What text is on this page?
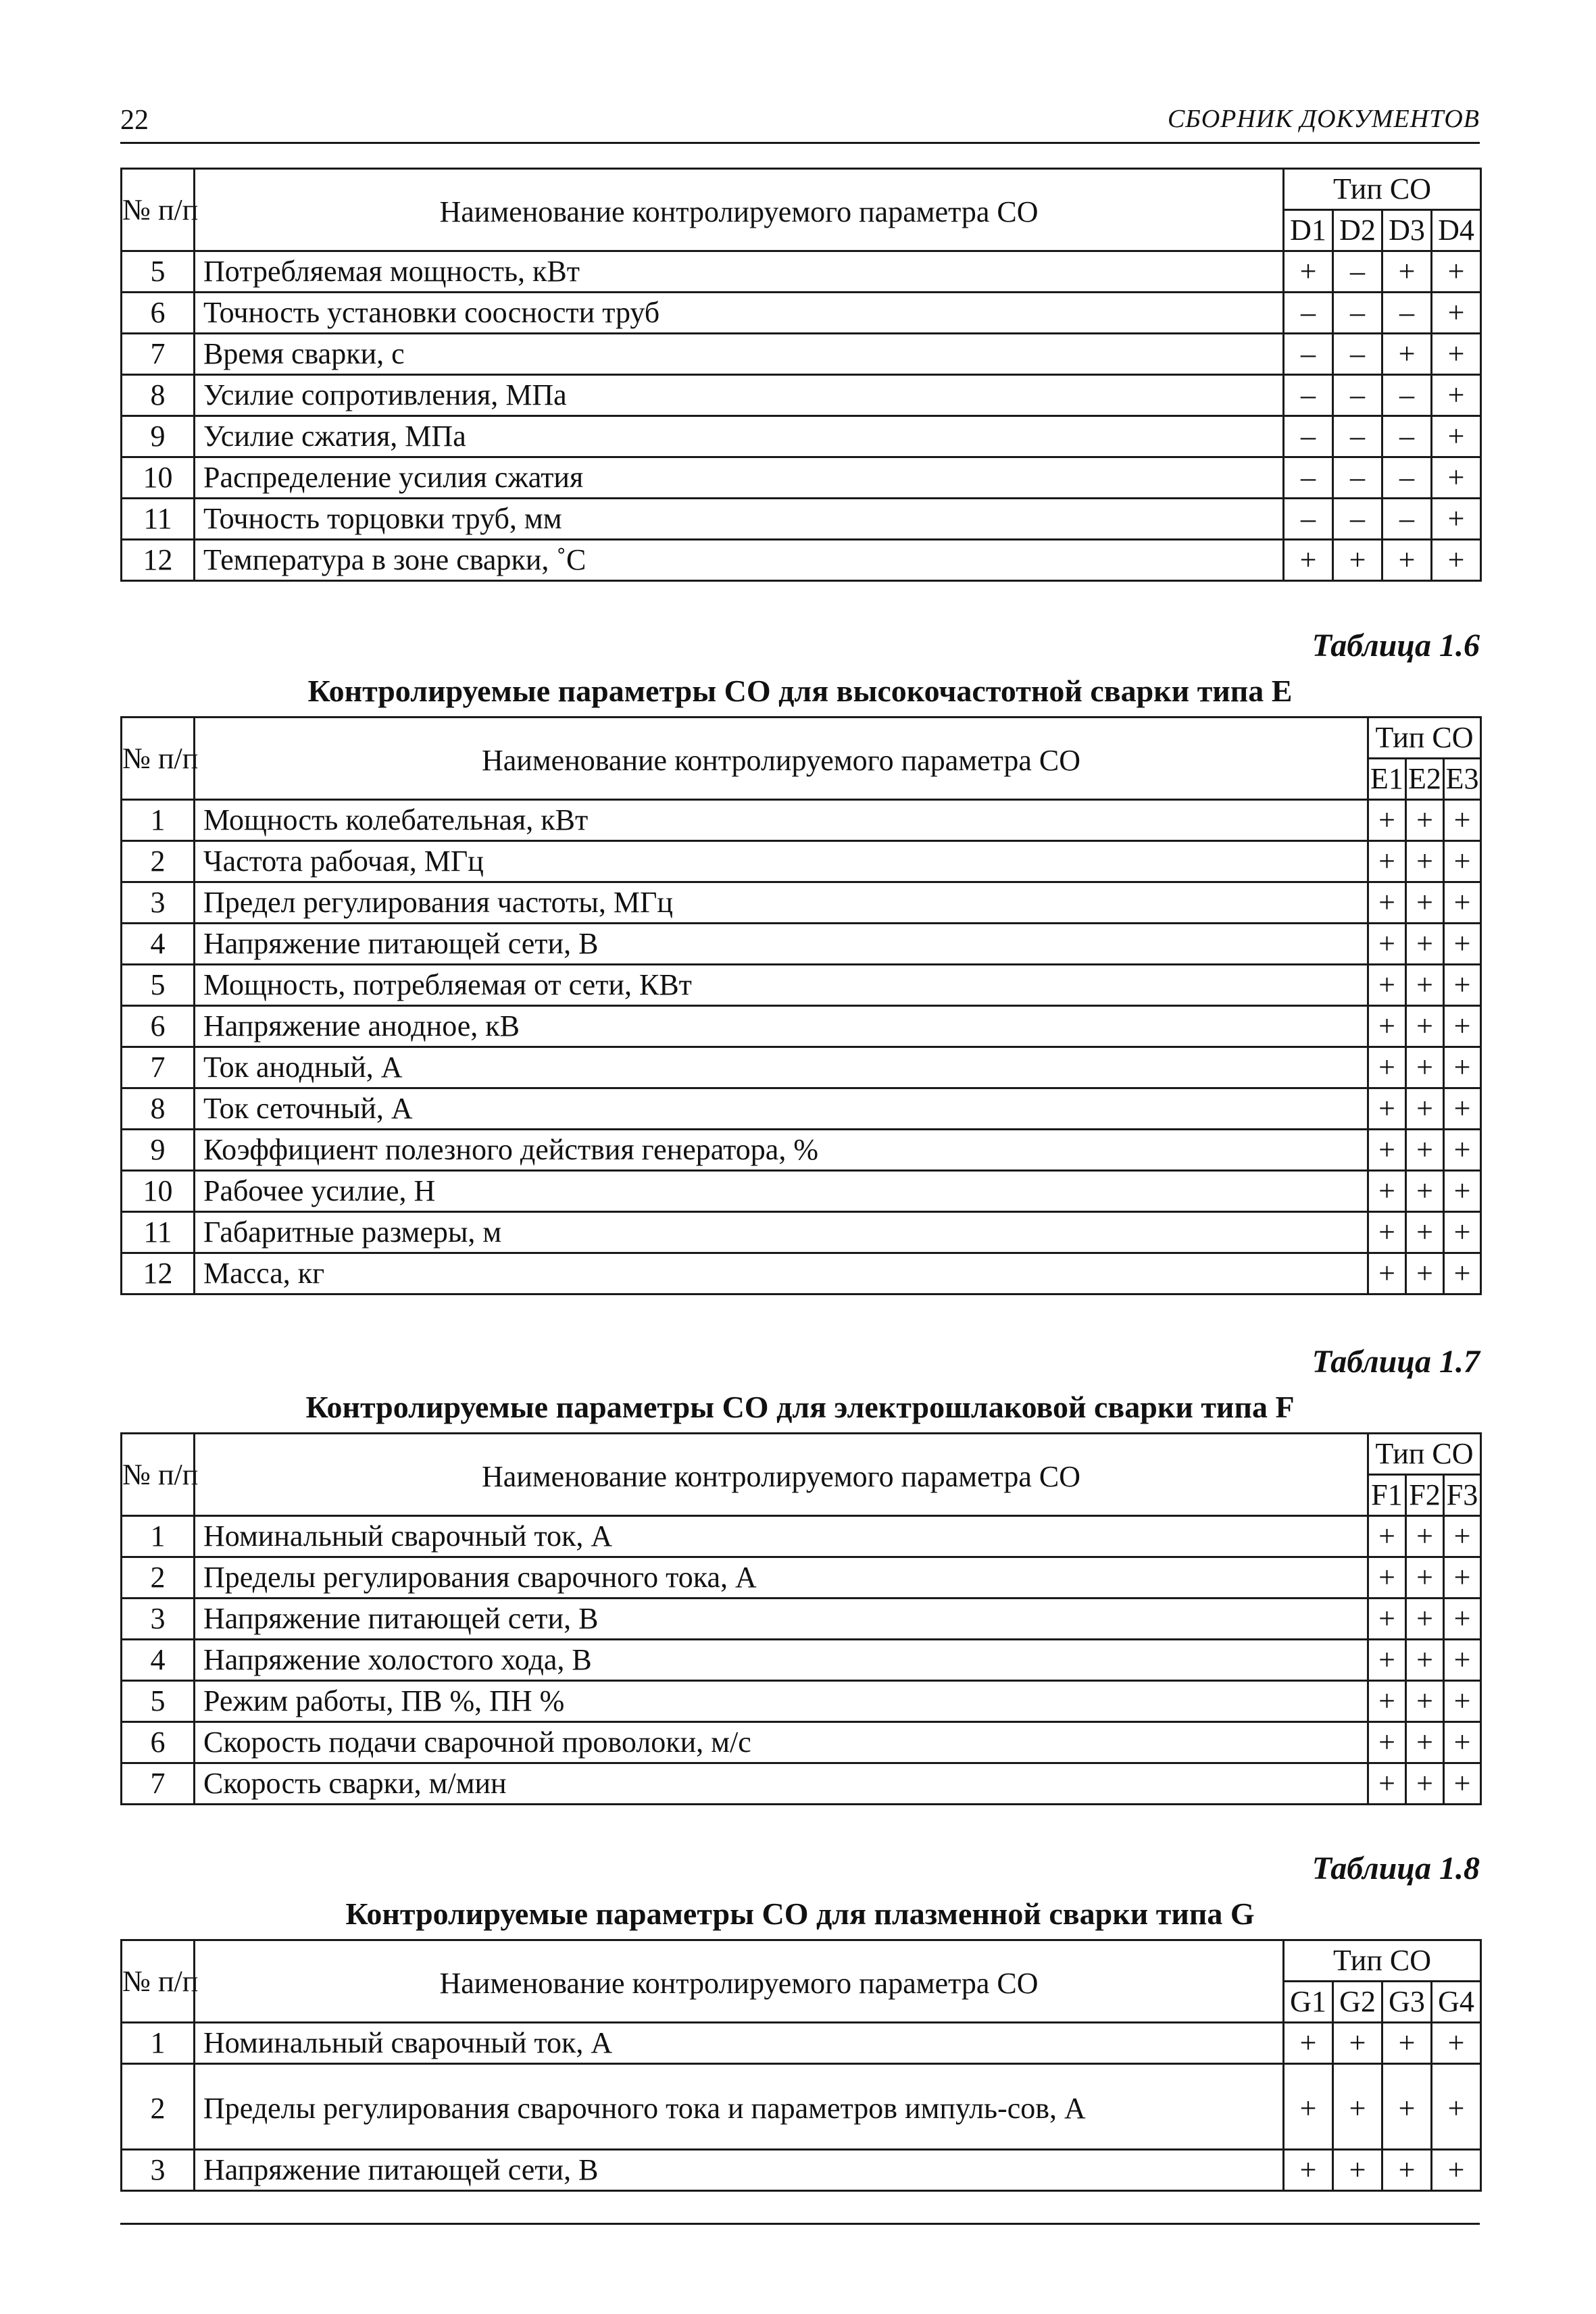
22	СБОРНИК ДОКУМЕНТОВ
№ п/п	Наименование контролируемого параметра СО	Тип СО			
		D1	D2	D3	D4
5	Потребляемая мощность, кВт	+	–	+	+
6	Точность установки соосности труб	–	–	–	+
7	Время сварки, с	–	–	+	+
8	Усилие сопротивления, МПа	–	–	–	+
9	Усилие сжатия, МПа	–	–	–	+
10	Распределение усилия сжатия	–	–	–	+
11	Точность торцовки труб, мм	–	–	–	+
12	Температура в зоне сварки, ˚С	+	+	+	+
Таблица 1.6
Контролируемые параметры СО для высокочастотной сварки типа E
№ п/п	Наименование контролируемого параметра СО	Тип СО		
		E1	E2	E3
1	Мощность колебательная, кВт	+	+	+
2	Частота рабочая, МГц	+	+	+
3	Предел регулирования частоты, МГц	+	+	+
4	Напряжение питающей сети, В	+	+	+
5	Мощность, потребляемая от сети, КВт	+	+	+
6	Напряжение анодное, кВ	+	+	+
7	Ток анодный, А	+	+	+
8	Ток сеточный, А	+	+	+
9	Коэффициент полезного действия генератора, %	+	+	+
10	Рабочее усилие, Н	+	+	+
11	Габаритные размеры, м	+	+	+
12	Масса, кг	+	+	+
Таблица 1.7
Контролируемые параметры СО для электрошлаковой сварки типа F
№ п/п	Наименование контролируемого параметра СО	Тип СО		
		F1	F2	F3
1	Номинальный сварочный ток, А	+	+	+
2	Пределы регулирования сварочного тока, А	+	+	+
3	Напряжение питающей сети, В	+	+	+
4	Напряжение холостого хода, В	+	+	+
5	Режим работы, ПВ %, ПН %	+	+	+
6	Скорость подачи сварочной проволоки, м/с	+	+	+
7	Скорость сварки, м/мин	+	+	+
Таблица 1.8
Контролируемые параметры СО для плазменной сварки типа G
№ п/п	Наименование контролируемого параметра СО	Тип СО			
		G1	G2	G3	G4
1	Номинальный сварочный ток, А	+	+	+	+
2	Пределы регулирования сварочного тока и параметров импуль-сов, А	+	+	+	+
3	Напряжение питающей сети, В	+	+	+	+
